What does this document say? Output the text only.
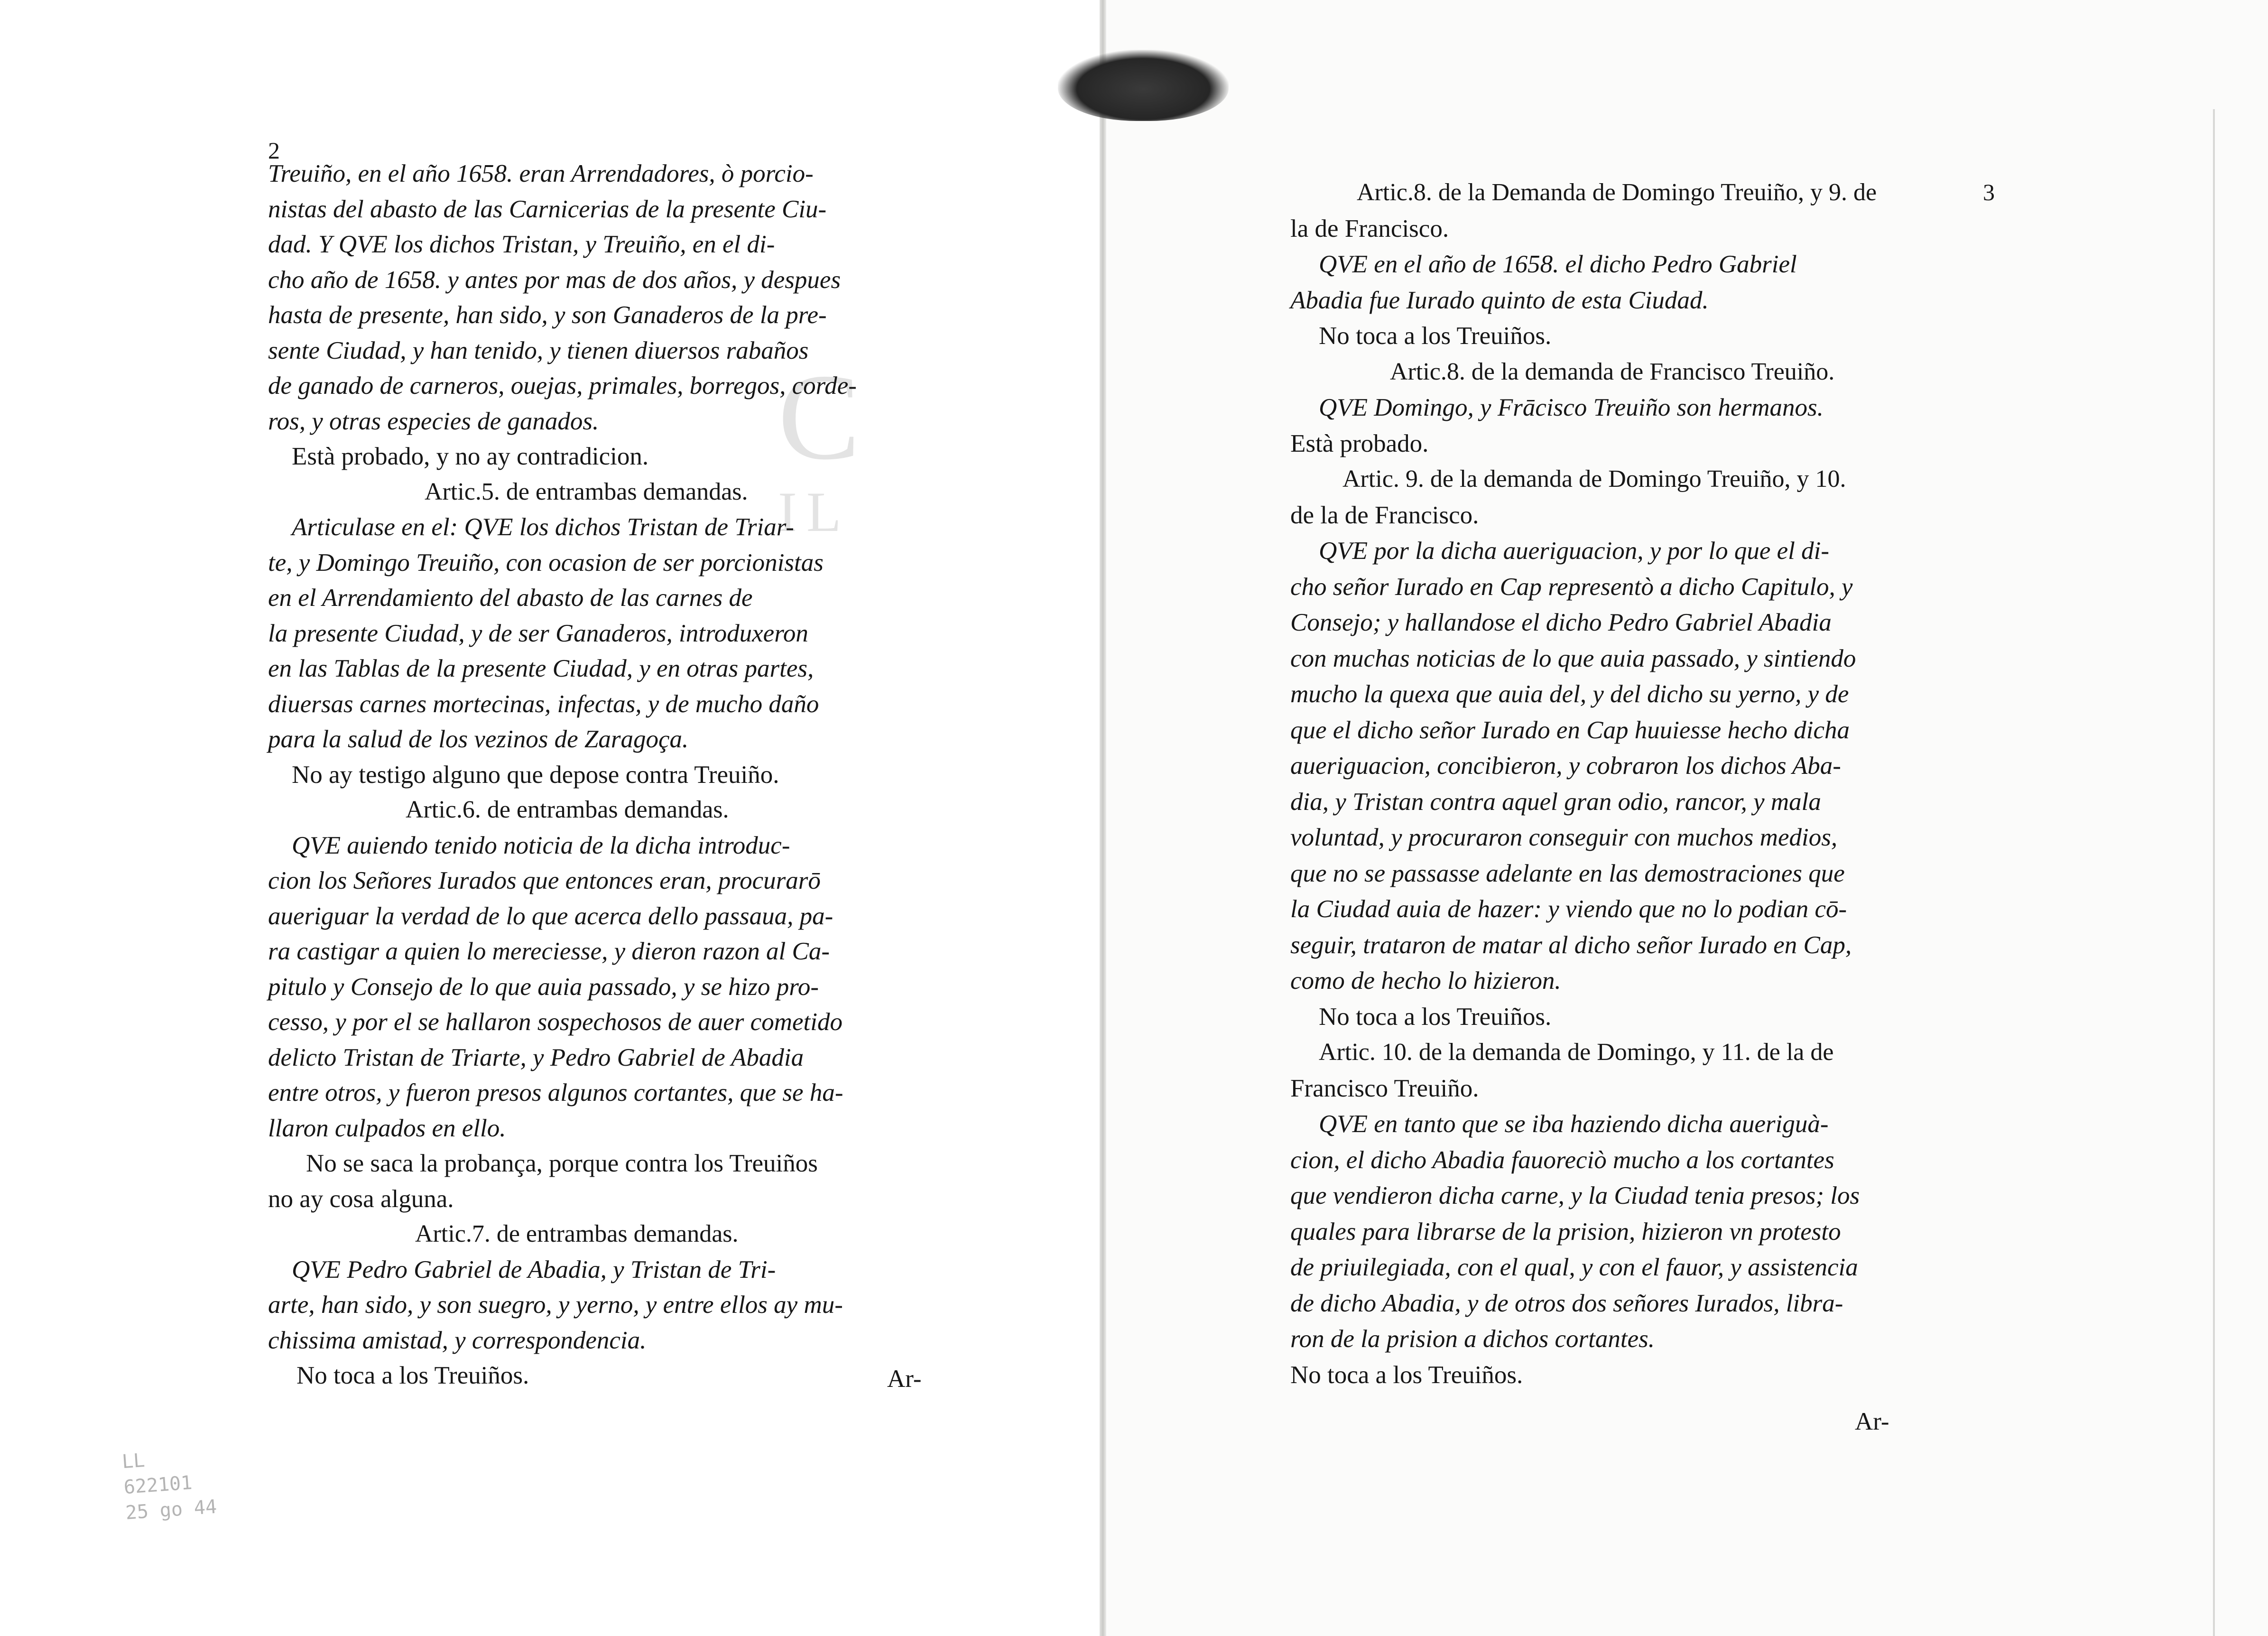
C
IL
2
Treuiño, en el año 1658. eran Arrendadores, ò porcio-
nistas del abasto de las Carnicerias de la presente Ciu-
dad. Y QVE los dichos Tristan, y Treuiño, en el di-
cho año de 1658. y antes por mas de dos años, y despues
hasta de presente, han sido, y son Ganaderos de la pre-
sente Ciudad, y han tenido, y tienen diuersos rabaños
de ganado de carneros, ouejas, primales, borregos, corde-
ros, y otras especies de ganados.
Està probado, y no ay contradicion.
Artic.5. de entrambas demandas.
Articulase en el: QVE los dichos Tristan de Triar-
te, y Domingo Treuiño, con ocasion de ser porcionistas
en el Arrendamiento del abasto de las carnes de
la presente Ciudad, y de ser Ganaderos, introduxeron
en las Tablas de la presente Ciudad, y en otras partes,
diuersas carnes mortecinas, infectas, y de mucho daño
para la salud de los vezinos de Zaragoça.
No ay testigo alguno que depose contra Treuiño.
Artic.6. de entrambas demandas.
QVE auiendo tenido noticia de la dicha introduc-
cion los Señores Iurados que entonces eran, procurarō
aueriguar la verdad de lo que acerca dello passaua, pa-
ra castigar a quien lo mereciesse, y dieron razon al Ca-
pitulo y Consejo de lo que auia passado, y se hizo pro-
cesso, y por el se hallaron sospechosos de auer cometido
delicto Tristan de Triarte, y Pedro Gabriel de Abadia
entre otros, y fueron presos algunos cortantes, que se ha-
llaron culpados en ello.
No se saca la probança, porque contra los Treuiños
no ay cosa alguna.
Artic.7. de entrambas demandas.
QVE Pedro Gabriel de Abadia, y Tristan de Tri-
arte, han sido, y son suegro, y yerno, y entre ellos ay mu-
chissima amistad, y correspondencia.
No toca a los Treuiños.	Ar-
3
Artic.8. de la Demanda de Domingo Treuiño, y 9. de
la de Francisco.
QVE en el año de 1658. el dicho Pedro Gabriel
Abadia fue Iurado quinto de esta Ciudad.
No toca a los Treuiños.
Artic.8. de la demanda de Francisco Treuiño.
QVE Domingo, y Frācisco Treuiño son hermanos.
Està probado.
Artic. 9. de la demanda de Domingo Treuiño, y 10.
de la de Francisco.
QVE por la dicha aueriguacion, y por lo que el di-
cho señor Iurado en Cap representò a dicho Capitulo, y
Consejo; y hallandose el dicho Pedro Gabriel Abadia
con muchas noticias de lo que auia passado, y sintiendo
mucho la quexa que auia del, y del dicho su yerno, y de
que el dicho señor Iurado en Cap huuiesse hecho dicha
aueriguacion, concibieron, y cobraron los dichos Aba-
dia, y Tristan contra aquel gran odio, rancor, y mala
voluntad, y procuraron conseguir con muchos medios,
que no se passasse adelante en las demostraciones que
la Ciudad auia de hazer: y viendo que no lo podian cō-
seguir, trataron de matar al dicho señor Iurado en Cap,
como de hecho lo hizieron.
No toca a los Treuiños.
Artic. 10. de la demanda de Domingo, y 11. de la de
Francisco Treuiño.
QVE en tanto que se iba haziendo dicha aueriguà-
cion, el dicho Abadia fauoreciò mucho a los cortantes
que vendieron dicha carne, y la Ciudad tenia presos; los
quales para librarse de la prision, hizieron vn protesto
de priuilegiada, con el qual, y con el fauor, y assistencia
de dicho Abadia, y de otros dos señores Iurados, libra-
ron de la prision a dichos cortantes.
No toca a los Treuiños.
Ar-
LL
622101
25 go 44
